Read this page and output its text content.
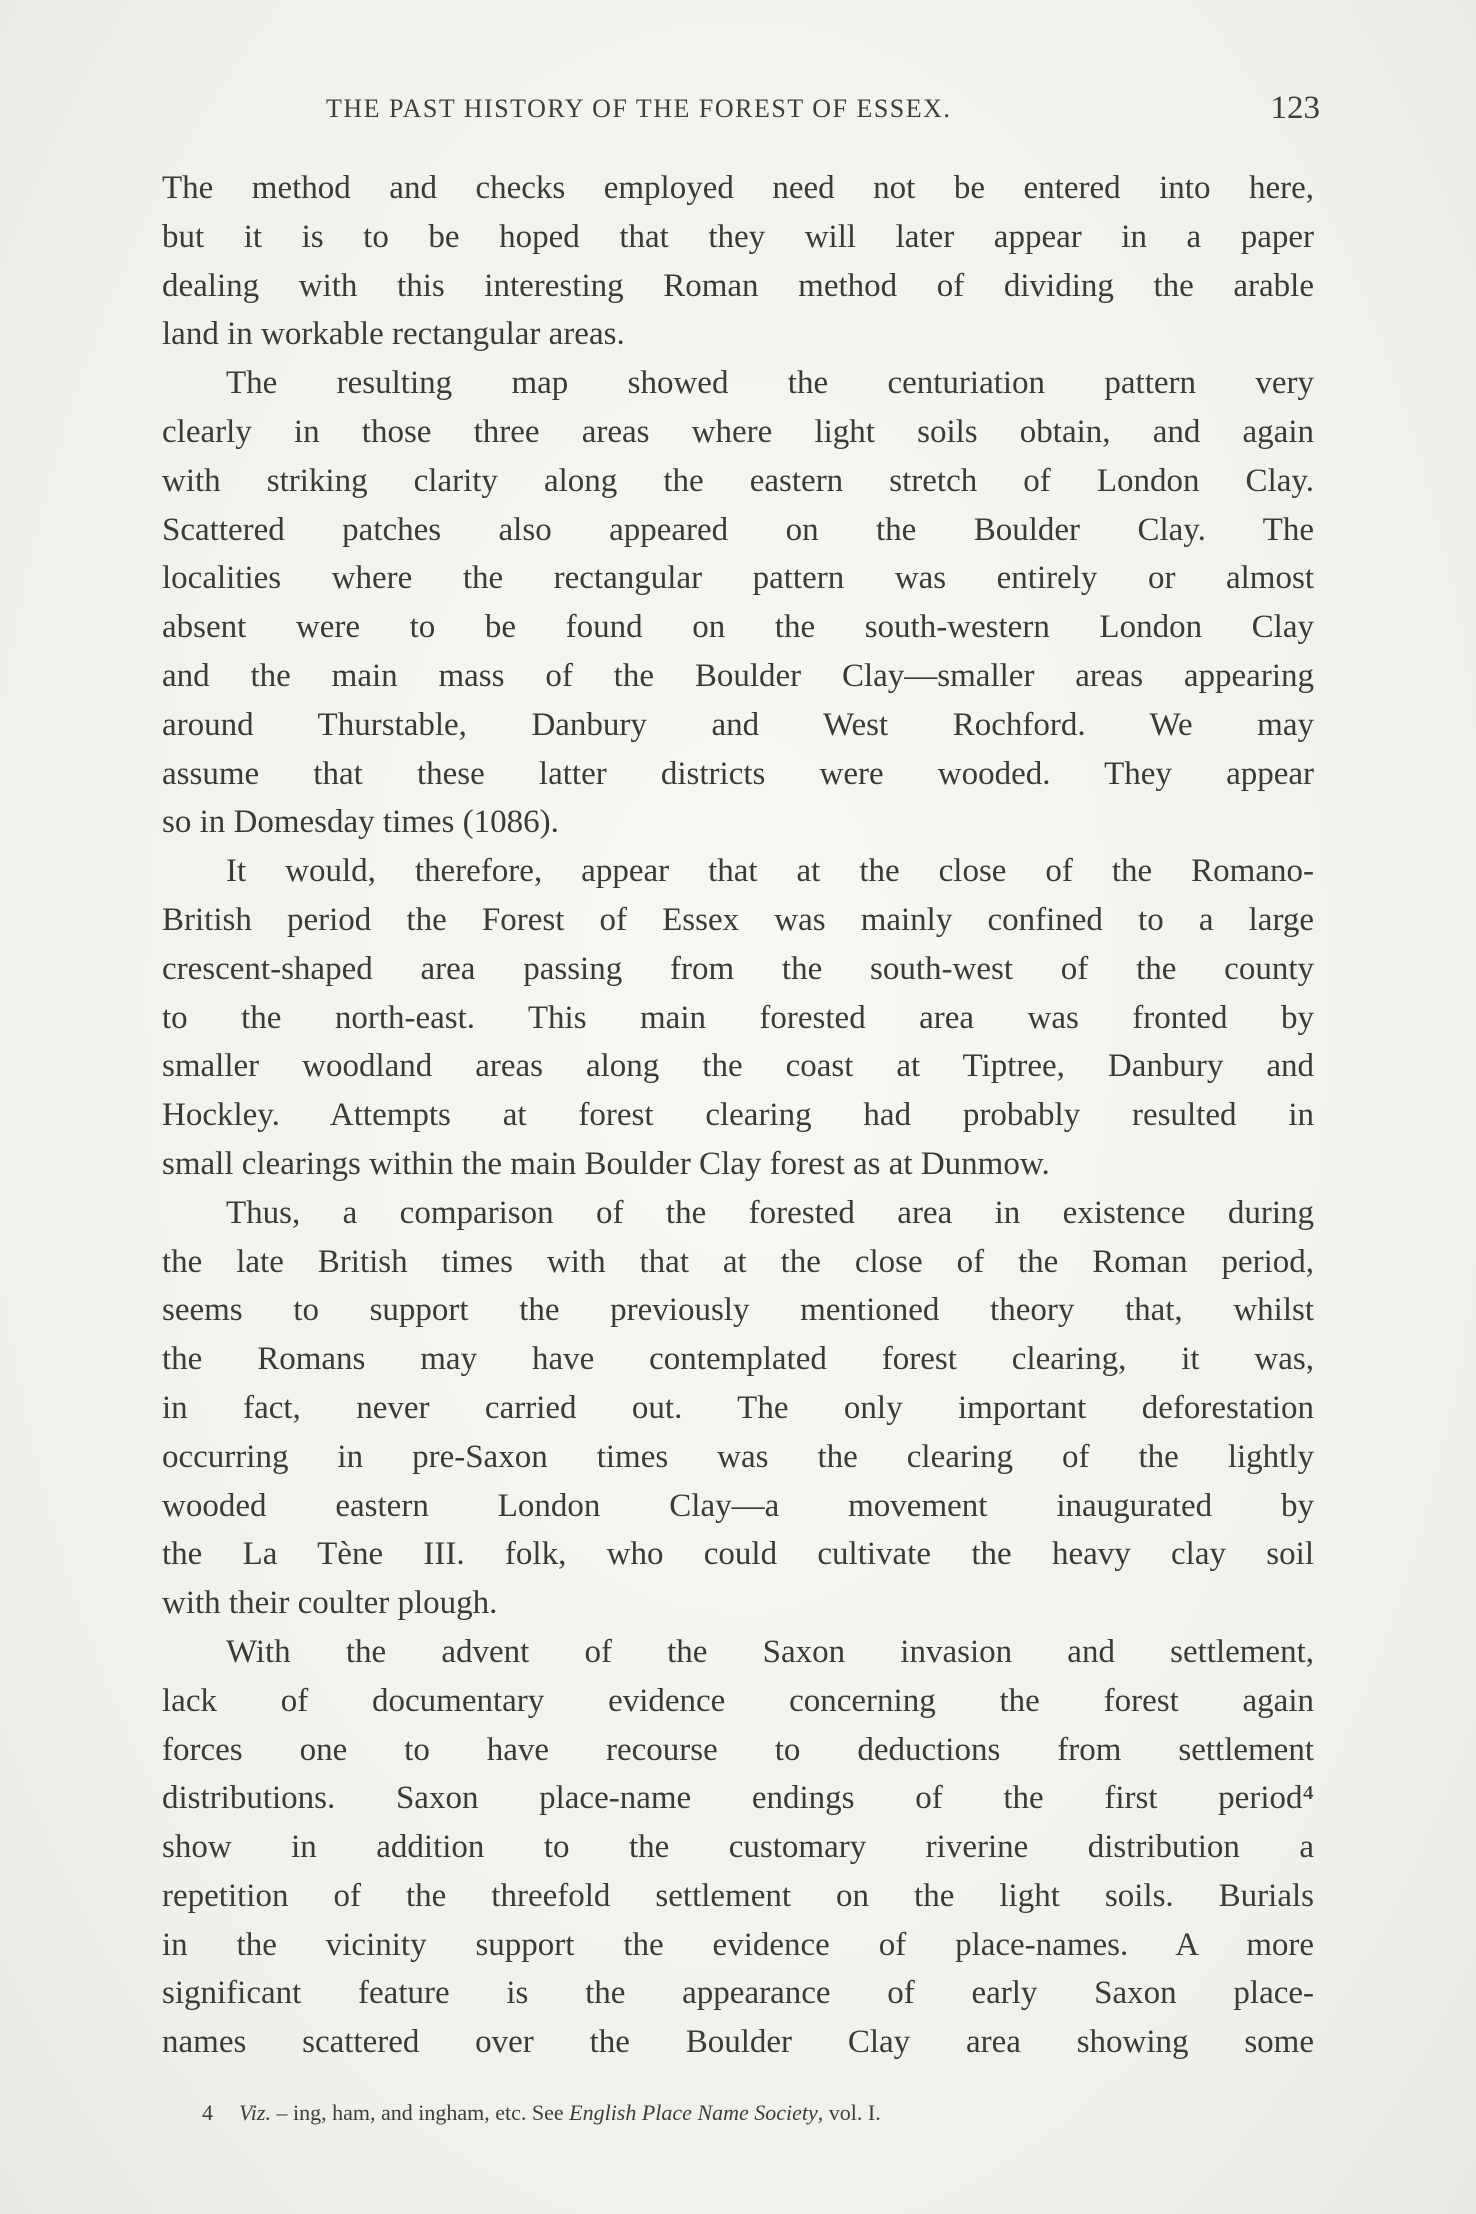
THE PAST HISTORY OF THE FOREST OF ESSEX.	123
The method and checks employed need not be entered into here,
but it is to be hoped that they will later appear in a paper
dealing with this interesting Roman method of dividing the arable
land in workable rectangular areas.
The resulting map showed the centuriation pattern very
clearly in those three areas where light soils obtain, and again
with striking clarity along the eastern stretch of London Clay.
Scattered patches also appeared on the Boulder Clay. The
localities where the rectangular pattern was entirely or almost
absent were to be found on the south-western London Clay
and the main mass of the Boulder Clay—smaller areas appearing
around Thurstable, Danbury and West Rochford. We may
assume that these latter districts were wooded. They appear
so in Domesday times (1086).
It would, therefore, appear that at the close of the Romano-
British period the Forest of Essex was mainly confined to a large
crescent-shaped area passing from the south-west of the county
to the north-east. This main forested area was fronted by
smaller woodland areas along the coast at Tiptree, Danbury and
Hockley. Attempts at forest clearing had probably resulted in
small clearings within the main Boulder Clay forest as at Dunmow.
Thus, a comparison of the forested area in existence during
the late British times with that at the close of the Roman period,
seems to support the previously mentioned theory that, whilst
the Romans may have contemplated forest clearing, it was,
in fact, never carried out. The only important deforestation
occurring in pre-Saxon times was the clearing of the lightly
wooded eastern London Clay—a movement inaugurated by
the La Tène III. folk, who could cultivate the heavy clay soil
with their coulter plough.
With the advent of the Saxon invasion and settlement,
lack of documentary evidence concerning the forest again
forces one to have recourse to deductions from settlement
distributions. Saxon place-name endings of the first period⁴
show in addition to the customary riverine distribution a
repetition of the threefold settlement on the light soils. Burials
in the vicinity support the evidence of place-names. A more
significant feature is the appearance of early Saxon place-
names scattered over the Boulder Clay area showing some
4 Viz. – ing, ham, and ingham, etc. See English Place Name Society, vol. I.
